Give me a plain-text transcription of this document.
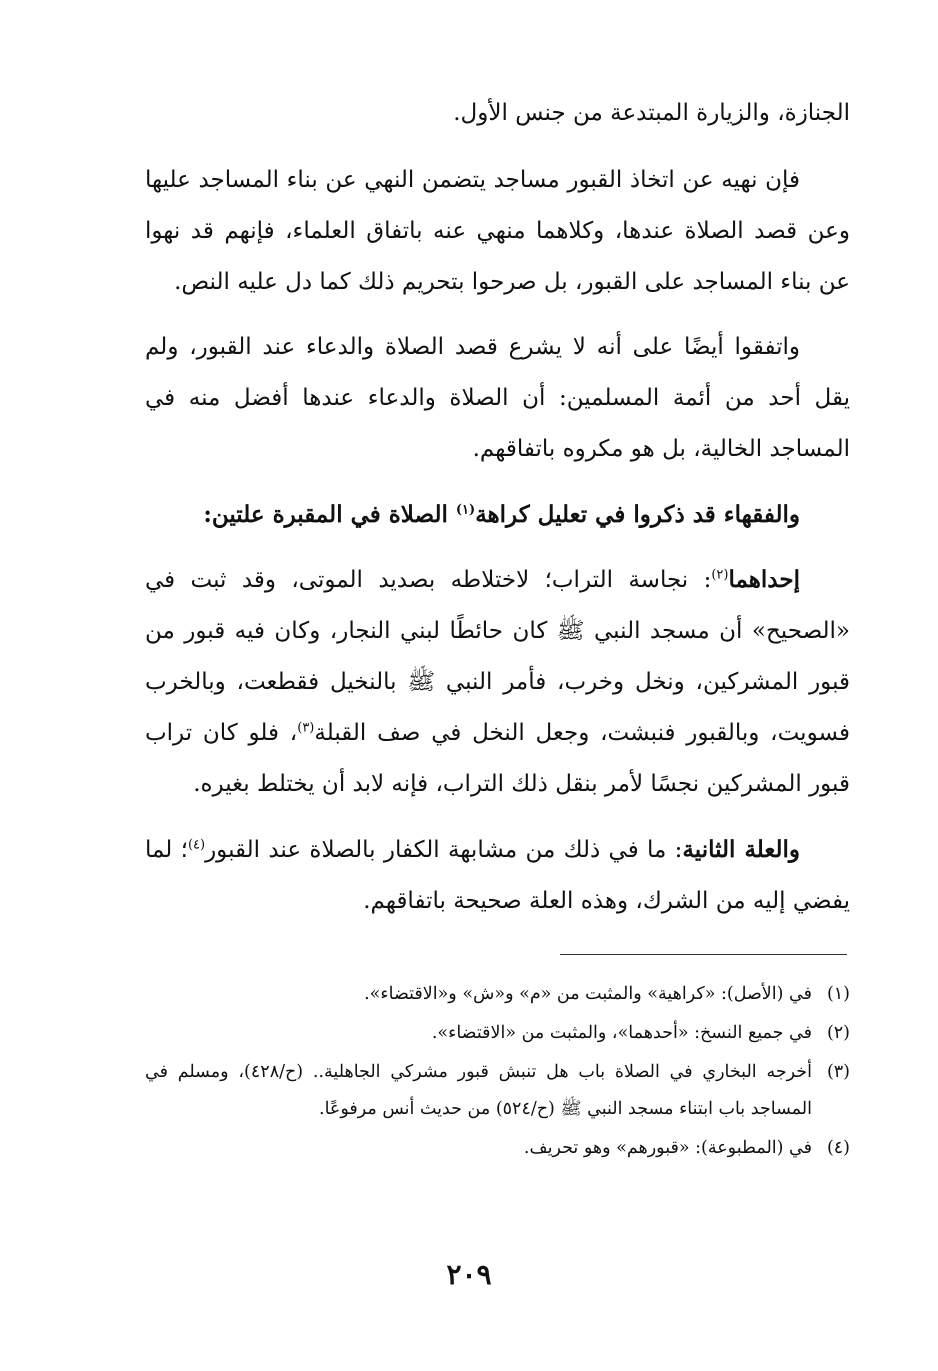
الجنازة، والزيارة المبتدعة من جنس الأول.

فإن نهيه عن اتخاذ القبور مساجد يتضمن النهي عن بناء المساجد عليها وعن قصد الصلاة عندها، وكلاهما منهي عنه باتفاق العلماء، فإنهم قد نهوا عن بناء المساجد على القبور، بل صرحوا بتحريم ذلك كما دل عليه النص.

واتفقوا أيضًا على أنه لا يشرع قصد الصلاة والدعاء عند القبور، ولم يقل أحد من أئمة المسلمين: أن الصلاة والدعاء عندها أفضل منه في المساجد الخالية، بل هو مكروه باتفاقهم.

والفقهاء قد ذكروا في تعليل كراهة$^{(١)}$ الصلاة في المقبرة علتين:

إحداهما$^{(٢)}$: نجاسة التراب؛ لاختلاطه بصديد الموتى، وقد ثبت في «الصحيح» أن مسجد النبي ﷺ كان حائطًا لبني النجار، وكان فيه قبور من قبور المشركين، ونخل وخرب، فأمر النبي ﷺ بالنخيل فقطعت، وبالخرب فسويت، وبالقبور فنبشت، وجعل النخل في صف القبلة$^{(٣)}$، فلو كان تراب قبور المشركين نجسًا لأمر بنقل ذلك التراب، فإنه لابد أن يختلط بغيره.

والعلة الثانية: ما في ذلك من مشابهة الكفار بالصلاة عند القبور$^{(٤)}$؛ لما يفضي إليه من الشرك، وهذه العلة صحيحة باتفاقهم.

(١)
في (الأصل): «كراهية» والمثبت من «م» و«ش» و«الاقتضاء».
(٢)
في جميع النسخ: «أحدهما»، والمثبت من «الاقتضاء».
(٣)
أخرجه البخاري في الصلاة باب هل تنبش قبور مشركي الجاهلية.. (ح/٤٢٨)، ومسلم في المساجد باب ابتناء مسجد النبي ﷺ (ح/٥٢٤) من حديث أنس مرفوعًا.
(٤)
في (المطبوعة): «قبورهم» وهو تحريف.
٢٠٩
